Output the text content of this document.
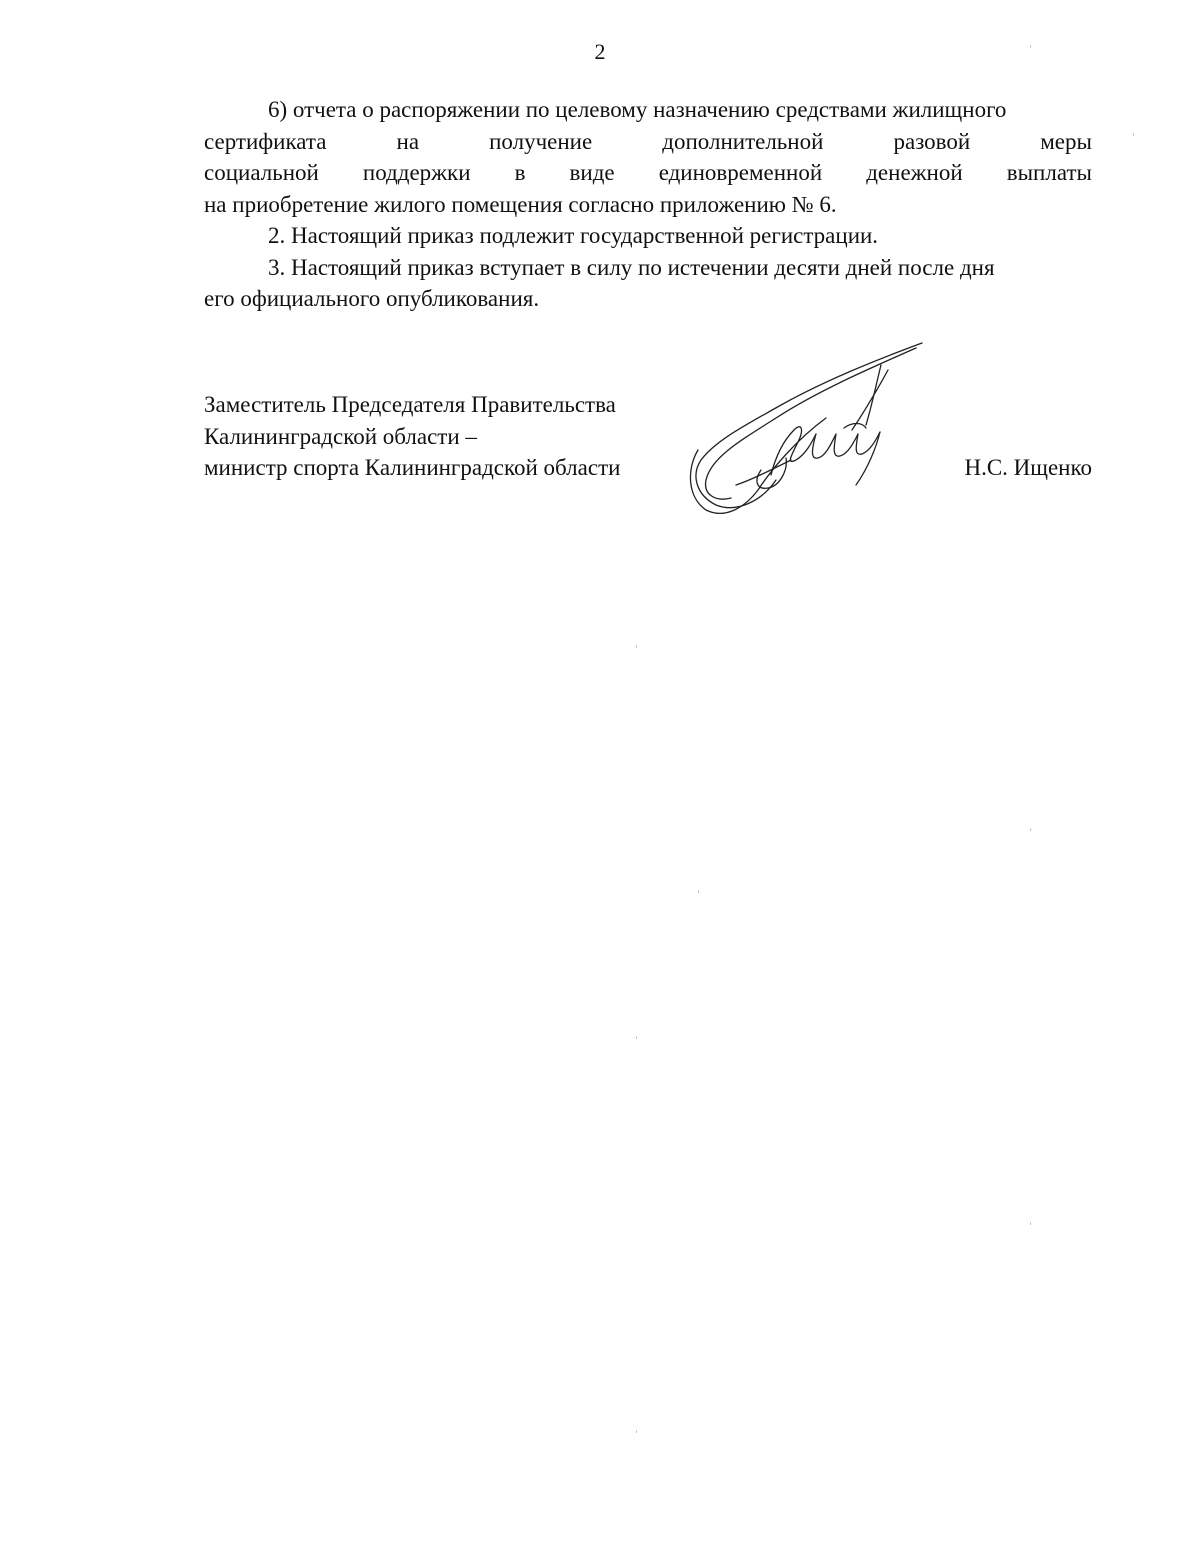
2
6) отчета о распоряжении по целевому назначению средствами жилищного
сертификата	на	получение	дополнительной	разовой	меры
социальной поддержки в виде единовременной денежной выплаты
на приобретение жилого помещения согласно приложению № 6.
2. Настоящий приказ подлежит государственной регистрации.
3. Настоящий приказ вступает в силу по истечении десяти дней после дня
его официального опубликования.
Заместитель Председателя Правительства
Калининградской области –
министр спорта Калининградской области	Н.С. Ищенко
